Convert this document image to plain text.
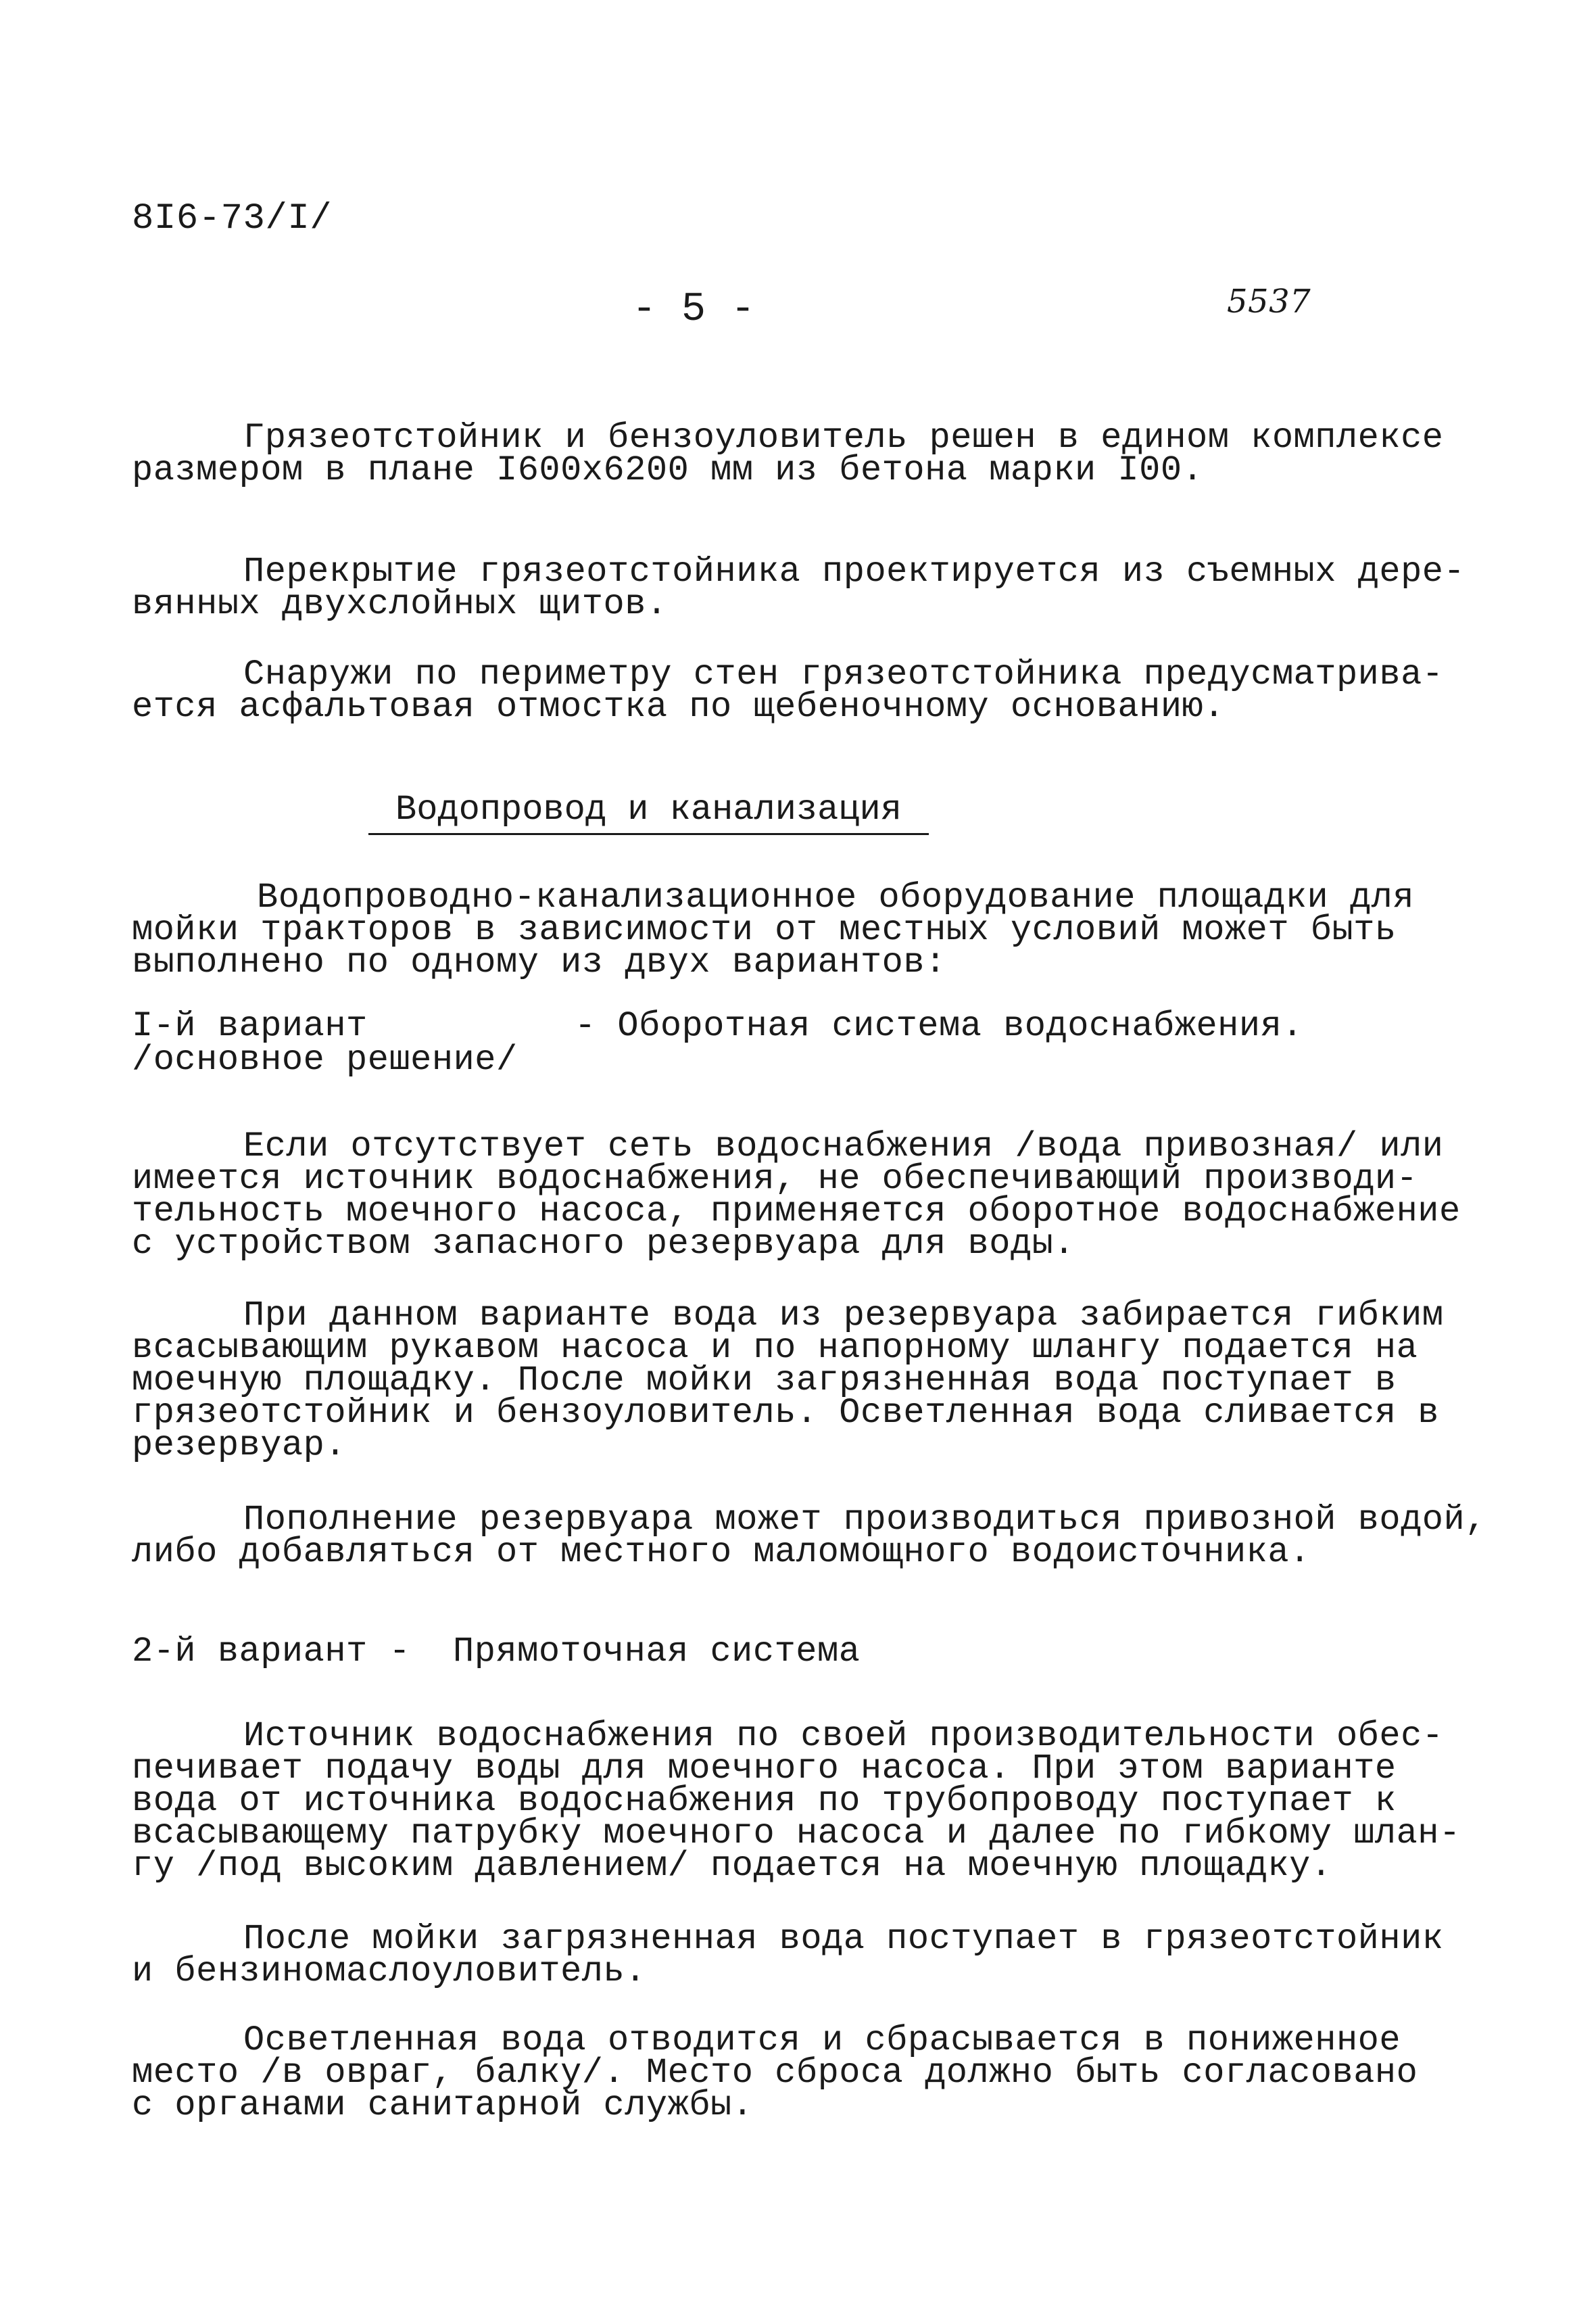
8I6-73/I/
- 5 -	5537
Грязеотстойник и бензоуловитель решен в едином комплексе
размером в плане I600x6200 мм из бетона марки I00.
Перекрытие грязеотстойника проектируется из съемных дере-
вянных двухслойных щитов.
Снаружи по периметру стен грязеотстойника предусматрива-
ется асфальтовая отмостка по щебеночному основанию.
Водопровод и канализация
Водопроводно-канализационное оборудование площадки для
мойки тракторов в зависимости от местных условий может быть
выполнено по одному из двух вариантов:
I-й вариант
/основное решение/
- Оборотная система водоснабжения.
Если отсутствует сеть водоснабжения /вода привозная/ или
имеется источник водоснабжения, не обеспечивающий производи-
тельность моечного насоса, применяется оборотное водоснабжение
с устройством запасного резервуара для воды.
При данном варианте вода из резервуара забирается гибким
всасывающим рукавом насоса и по напорному шлангу подается на
моечную площадку. После мойки загрязненная вода поступает в
грязеотстойник и бензоуловитель. Осветленная вода сливается в
резервуар.
Пополнение резервуара может производиться привозной водой,
либо добавляться от местного маломощного водоисточника.
2-й вариант - Прямоточная система
Источник водоснабжения по своей производительности обес-
печивает подачу воды для моечного насоса. При этом варианте
вода от источника водоснабжения по трубопроводу поступает к
всасывающему патрубку моечного насоса и далее по гибкому шлан-
гу /под высоким давлением/ подается на моечную площадку.
После мойки загрязненная вода поступает в грязеотстойник
и бензиномаслоуловитель.
Осветленная вода отводится и сбрасывается в пониженное
место /в овраг, балку/. Место сброса должно быть согласовано
с органами санитарной службы.
